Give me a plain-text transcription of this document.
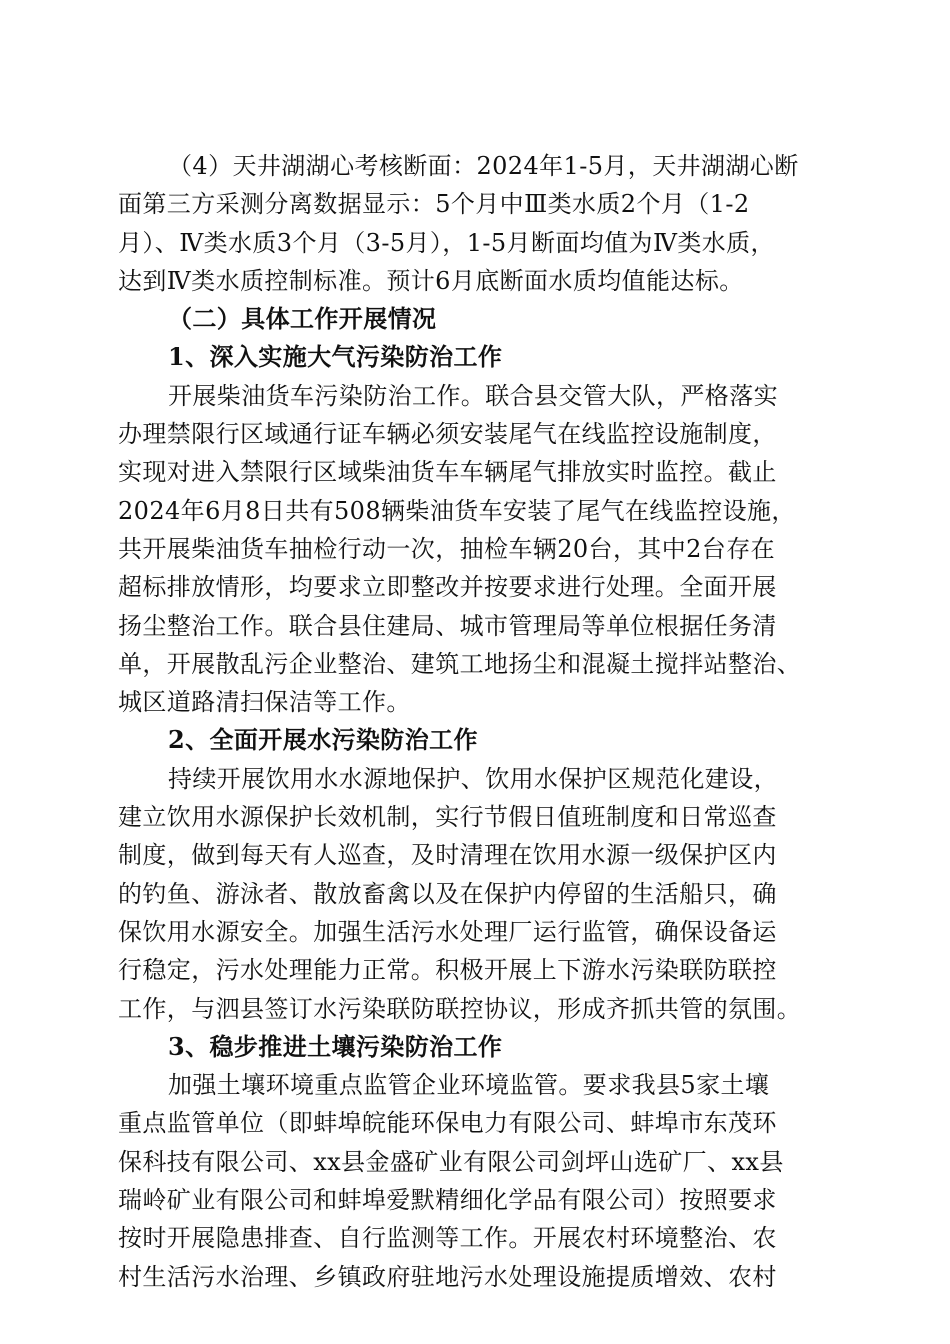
（4）天井湖湖心考核断面：2024年1-5月，天井湖湖心断
面第三方采测分离数据显示：5个月中Ⅲ类水质2个月（1-2
月）、Ⅳ类水质3个月（3-5月），1-5月断面均值为Ⅳ类水质，
达到Ⅳ类水质控制标准。预计6月底断面水质均值能达标。
（二）具体工作开展情况
1、深入实施大气污染防治工作
开展柴油货车污染防治工作。联合县交管大队，严格落实
办理禁限行区域通行证车辆必须安装尾气在线监控设施制度，
实现对进入禁限行区域柴油货车车辆尾气排放实时监控。截止
2024年6月8日共有508辆柴油货车安装了尾气在线监控设施，
共开展柴油货车抽检行动一次，抽检车辆20台，其中2台存在
超标排放情形，均要求立即整改并按要求进行处理。全面开展
扬尘整治工作。联合县住建局、城市管理局等单位根据任务清
单，开展散乱污企业整治、建筑工地扬尘和混凝土搅拌站整治、
城区道路清扫保洁等工作。
2、全面开展水污染防治工作
持续开展饮用水水源地保护、饮用水保护区规范化建设，
建立饮用水源保护长效机制，实行节假日值班制度和日常巡查
制度，做到每天有人巡查，及时清理在饮用水源一级保护区内
的钓鱼、游泳者、散放畜禽以及在保护内停留的生活船只，确
保饮用水源安全。加强生活污水处理厂运行监管，确保设备运
行稳定，污水处理能力正常。积极开展上下游水污染联防联控
工作，与泗县签订水污染联防联控协议，形成齐抓共管的氛围。
3、稳步推进土壤污染防治工作
加强土壤环境重点监管企业环境监管。要求我县5家土壤
重点监管单位（即蚌埠皖能环保电力有限公司、蚌埠市东茂环
保科技有限公司、xx县金盛矿业有限公司剑坪山选矿厂、xx县
瑞岭矿业有限公司和蚌埠爱默精细化学品有限公司）按照要求
按时开展隐患排查、自行监测等工作。开展农村环境整治、农
村生活污水治理、乡镇政府驻地污水处理设施提质增效、农村
